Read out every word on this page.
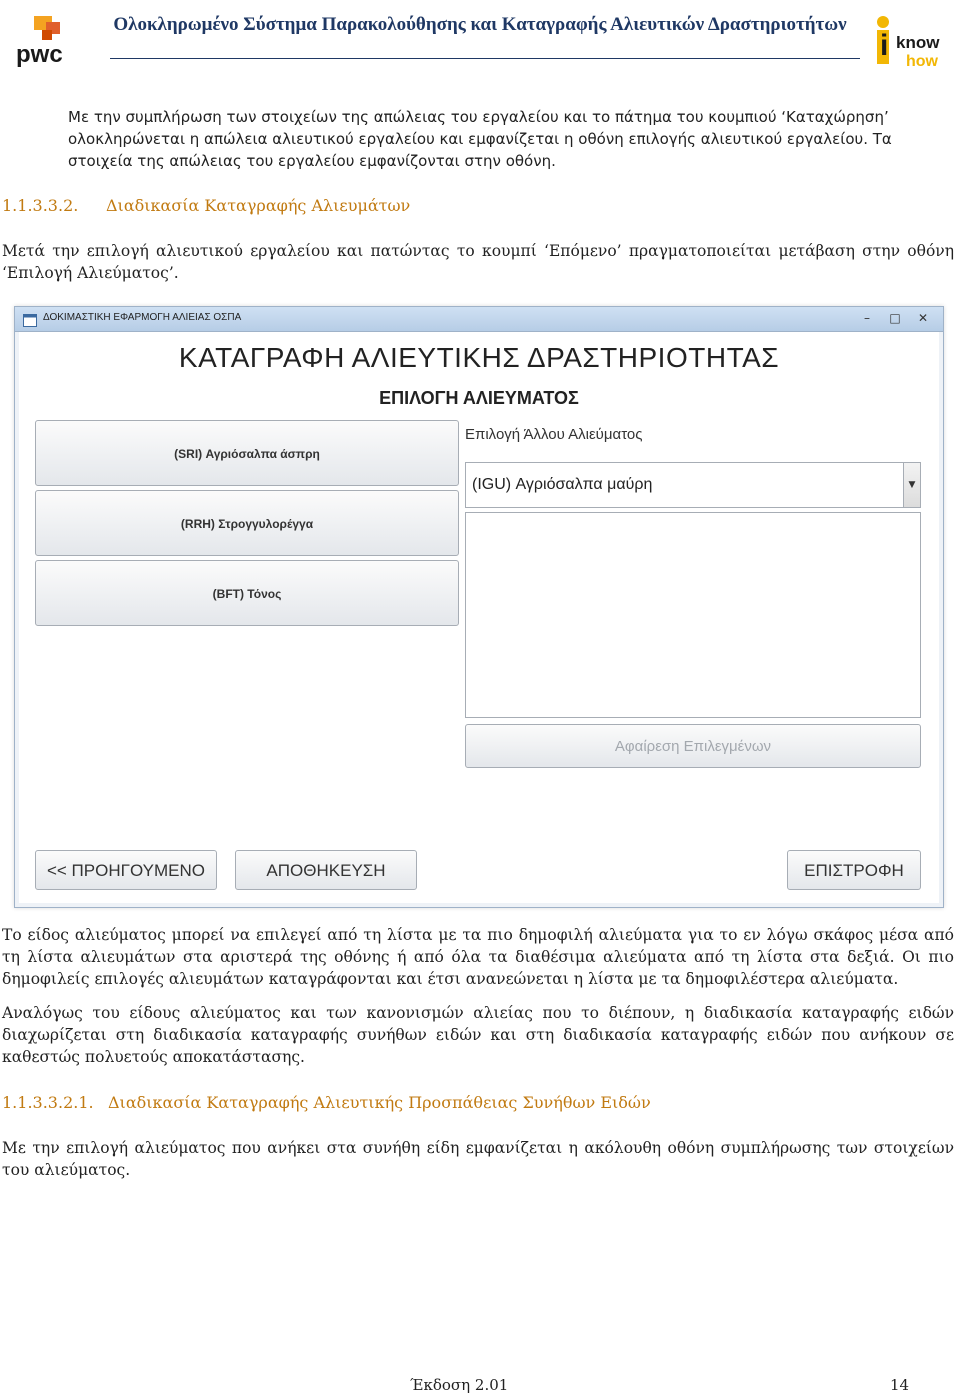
pwc
Ολοκληρωμένο Σύστημα Παρακολούθησης και Καταγραφής Αλιευτικών Δραστηριοτήτων
i know
how
Με την συμπλήρωση των στοιχείων της απώλειας του εργαλείου και το πάτημα του κουμπιού ‘Καταχώρηση’ ολοκληρώνεται η απώλεια αλιευτικού εργαλείου και εμφανίζεται η οθόνη επιλογής αλιευτικού εργαλείου. Τα στοιχεία της απώλειας του εργαλείου εμφανίζονται στην οθόνη.
1.1.3.3.2. Διαδικασία Καταγραφής Αλιευμάτων
Μετά την επιλογή αλιευτικού εργαλείου και πατώντας το κουμπί ‘Επόμενο’ πραγματοποιείται μετάβαση στην οθόνη ‘Επιλογή Αλιεύματος’.
ΔΟΚΙΜΑΣΤΙΚΗ ΕΦΑΡΜΟΓΗ ΑΛΙΕΙΑΣ ΟΣΠΑ	–	□	✕
ΚΑΤΑΓΡΑΦΗ ΑΛΙΕΥΤΙΚΗΣ ΔΡΑΣΤΗΡΙΟΤΗΤΑΣ
ΕΠΙΛΟΓΗ ΑΛΙΕΥΜΑΤΟΣ
(SRI) Αγριόσαλπα άσπρη
(RRH) Στρογγυλορέγγα
(BFT) Τόνος
Επιλογή Άλλου Αλιεύματος
(IGU) Αγριόσαλπα μαύρη	▼
Αφαίρεση Επιλεγμένων
<< ΠΡΟΗΓΟΥΜΕΝΟ	ΑΠΟΘΗΚΕΥΣΗ	ΕΠΙΣΤΡΟΦΗ
Το είδος αλιεύματος μπορεί να επιλεγεί από τη λίστα με τα πιο δημοφιλή αλιεύματα για το εν λόγω σκάφος μέσα από τη λίστα αλιευμάτων στα αριστερά της οθόνης ή από όλα τα διαθέσιμα αλιεύματα από τη λίστα στα δεξιά. Οι πιο δημοφιλείς επιλογές αλιευμάτων καταγράφονται και έτσι ανανεώνεται η λίστα με τα δημοφιλέστερα αλιεύματα.
Αναλόγως του είδους αλιεύματος και των κανονισμών αλιείας που το διέπουν, η διαδικασία καταγραφής ειδών διαχωρίζεται στη διαδικασία καταγραφής συνήθων ειδών και στη διαδικασία καταγραφής ειδών που ανήκουν σε καθεστώς πολυετούς αποκατάστασης.
1.1.3.3.2.1. Διαδικασία Καταγραφής Αλιευτικής Προσπάθειας Συνήθων Ειδών
Με την επιλογή αλιεύματος που ανήκει στα συνήθη είδη εμφανίζεται η ακόλουθη οθόνη συμπλήρωσης των στοιχείων του αλιεύματος.
Έκδοση 2.01	14
